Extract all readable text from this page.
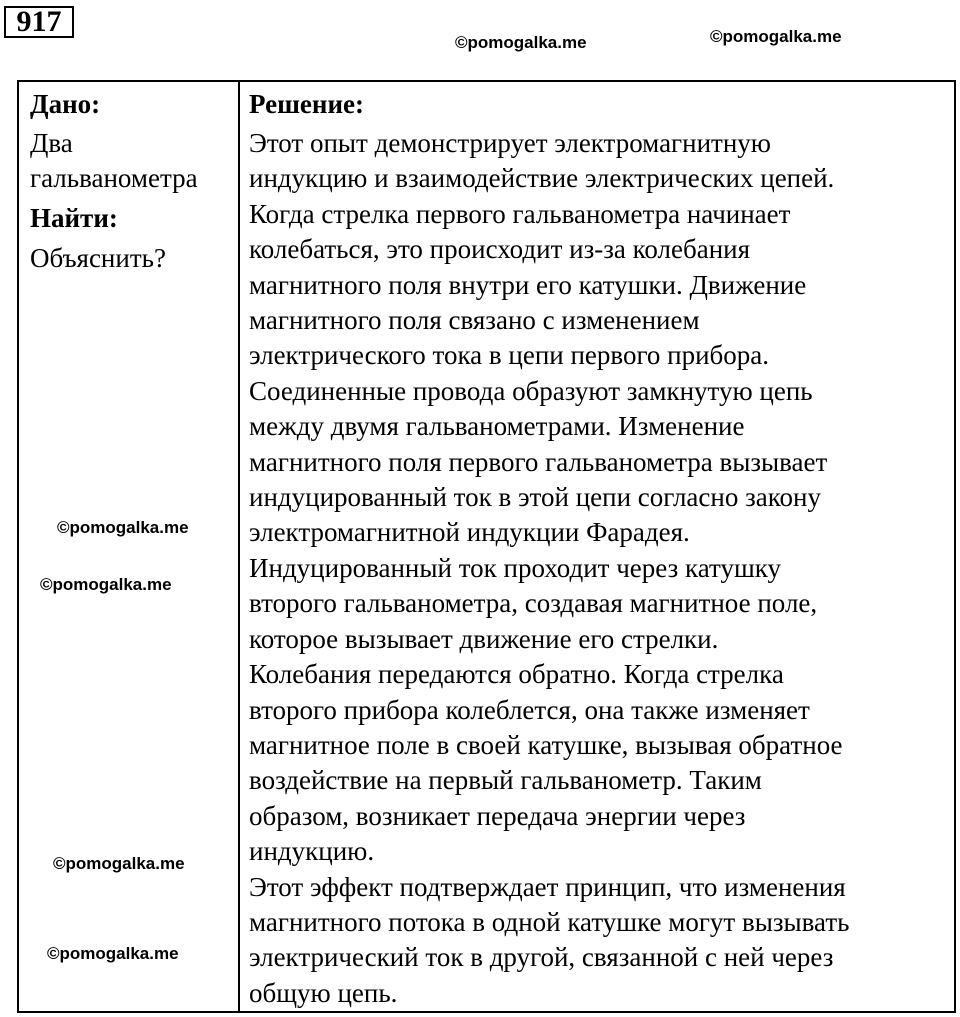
917
©pomogalka.me	©pomogalka.me
Дано:
Два гальванометра
Найти:
Объяснить?
Решение:
Этот опыт демонстрирует электромагнитную
индукцию и взаимодействие электрических цепей.
Когда стрелка первого гальванометра начинает
колебаться, это происходит из-за колебания
магнитного поля внутри его катушки. Движение
магнитного поля связано с изменением
электрического тока в цепи первого прибора.
Соединенные провода образуют замкнутую цепь
между двумя гальванометрами. Изменение
магнитного поля первого гальванометра вызывает
индуцированный ток в этой цепи согласно закону
электромагнитной индукции Фарадея.
Индуцированный ток проходит через катушку
второго гальванометра, создавая магнитное поле,
которое вызывает движение его стрелки.
Колебания передаются обратно. Когда стрелка
второго прибора колеблется, она также изменяет
магнитное поле в своей катушке, вызывая обратное
воздействие на первый гальванометр. Таким
образом, возникает передача энергии через
индукцию.
Этот эффект подтверждает принцип, что изменения
магнитного потока в одной катушке могут вызывать
электрический ток в другой, связанной с ней через
общую цепь.
©pomogalka.me
©pomogalka.me
©pomogalka.me
©pomogalka.me
